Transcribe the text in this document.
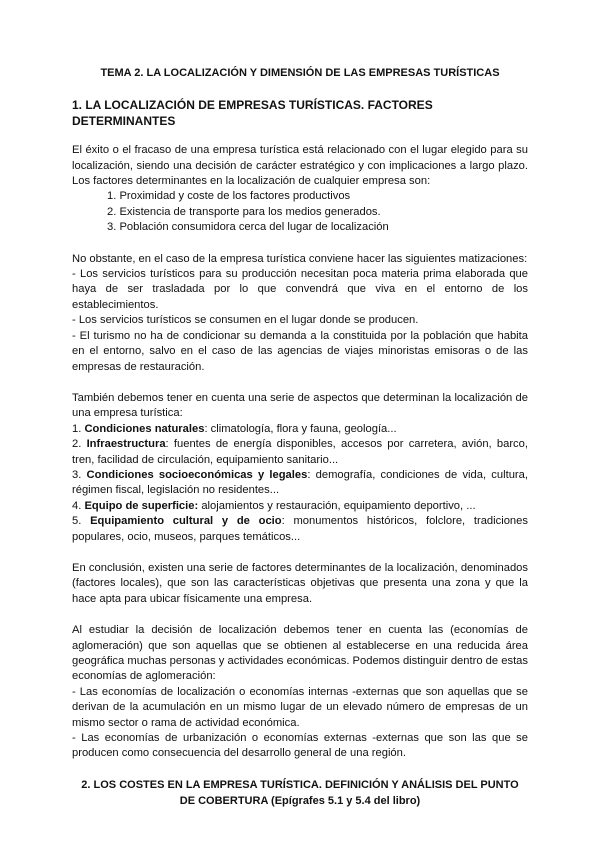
TEMA 2. LA LOCALIZACIÓN Y DIMENSIÓN DE LAS EMPRESAS TURÍSTICAS
1. LA LOCALIZACIÓN DE EMPRESAS TURÍSTICAS. FACTORES DETERMINANTES

El éxito o el fracaso de una empresa turística está relacionado con el lugar elegido para su localización, siendo una decisión de carácter estratégico y con implicaciones a largo plazo. Los factores determinantes en la localización de cualquier empresa son:

1. Proximidad y coste de los factores productivos
2. Existencia de transporte para los medios generados.
3. Población consumidora cerca del lugar de localización

No obstante, en el caso de la empresa turística conviene hacer las siguientes matizaciones:

- Los servicios turísticos para su producción necesitan poca materia prima elaborada que haya de ser trasladada por lo que convendrá que viva en el entorno de los establecimientos.

- Los servicios turísticos se consumen en el lugar donde se producen.

- El turismo no ha de condicionar su demanda a la constituida por la población que habita en el entorno, salvo en el caso de las agencias de viajes minoristas emisoras o de las empresas de restauración.

También debemos tener en cuenta una serie de aspectos que determinan la localización de una empresa turística:

1. Condiciones naturales: climatología, flora y fauna, geología...

2. Infraestructura: fuentes de energía disponibles, accesos por carretera, avión, barco, tren, facilidad de circulación, equipamiento sanitario...

3. Condiciones socioeconómicas y legales: demografía, condiciones de vida, cultura, régimen fiscal, legislación no residentes...

4. Equipo de superficie: alojamientos y restauración, equipamiento deportivo, ...

5. Equipamiento cultural y de ocio: monumentos históricos, folclore, tradiciones populares, ocio, museos, parques temáticos...

En conclusión, existen una serie de factores determinantes de la localización, denominados (factores locales), que son las características objetivas que presenta una zona y que la hace apta para ubicar físicamente una empresa.

Al estudiar la decisión de localización debemos tener en cuenta las (economías de aglomeración) que son aquellas que se obtienen al establecerse en una reducida área geográfica muchas personas y actividades económicas. Podemos distinguir dentro de estas economías de aglomeración:

- Las economías de localización o economías internas -externas que son aquellas que se derivan de la acumulación en un mismo lugar de un elevado número de empresas de un mismo sector o rama de actividad económica.

- Las economías de urbanización o economías externas -externas que son las que se producen como consecuencia del desarrollo general de una región.

2. LOS COSTES EN LA EMPRESA TURÍSTICA. DEFINICIÓN Y ANÁLISIS DEL PUNTO
DE COBERTURA (Epígrafes 5.1 y 5.4 del libro)
